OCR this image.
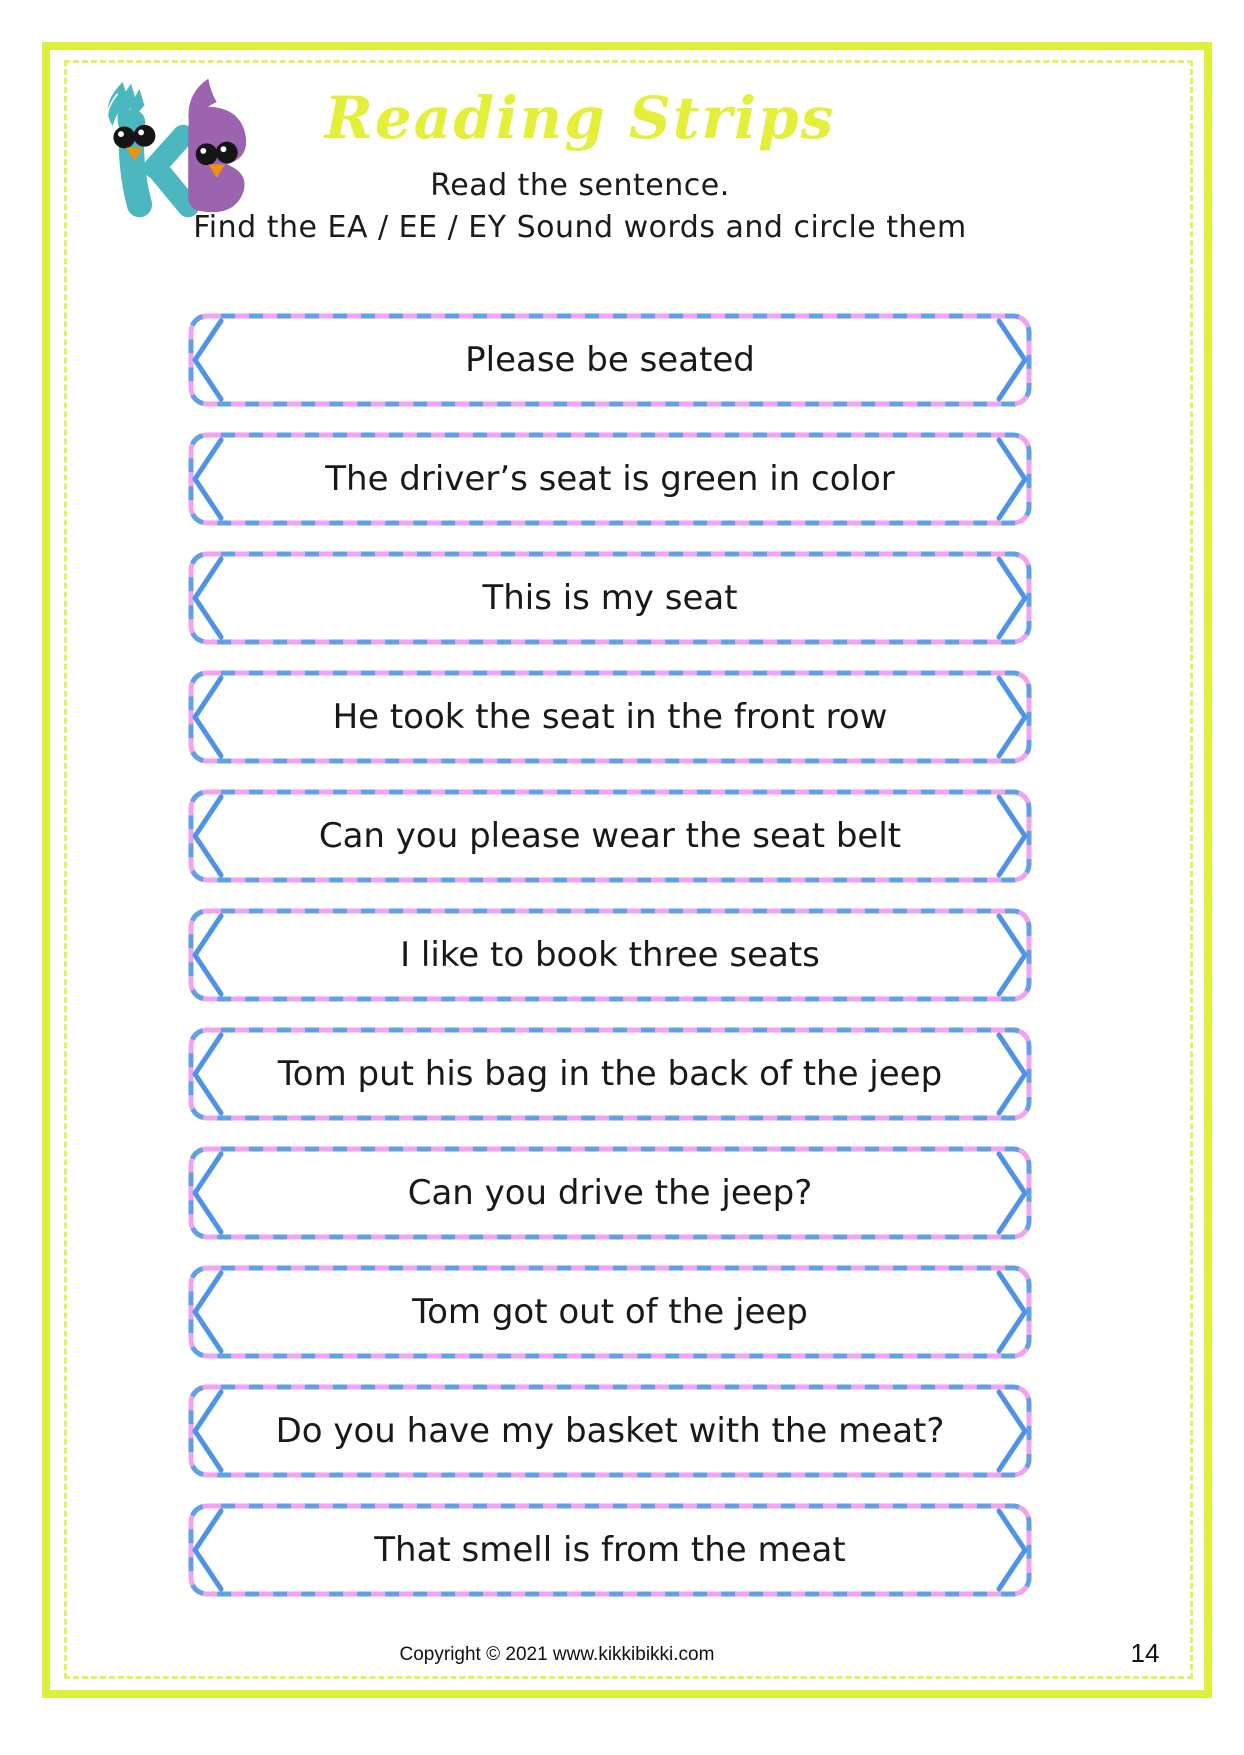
Reading Strips
Read the sentence.
Find the EA / EE / EY Sound words and circle them
Please be seated
The driver’s seat is green in color
This is my seat
He took the seat in the front row
Can you please wear the seat belt
I like to book three seats
Tom put his bag in the back of the jeep
Can you drive the jeep?
Tom got out of the jeep
Do you have my basket with the meat?
That smell is from the meat
Copyright © 2021 www.kikkibikki.com	14
